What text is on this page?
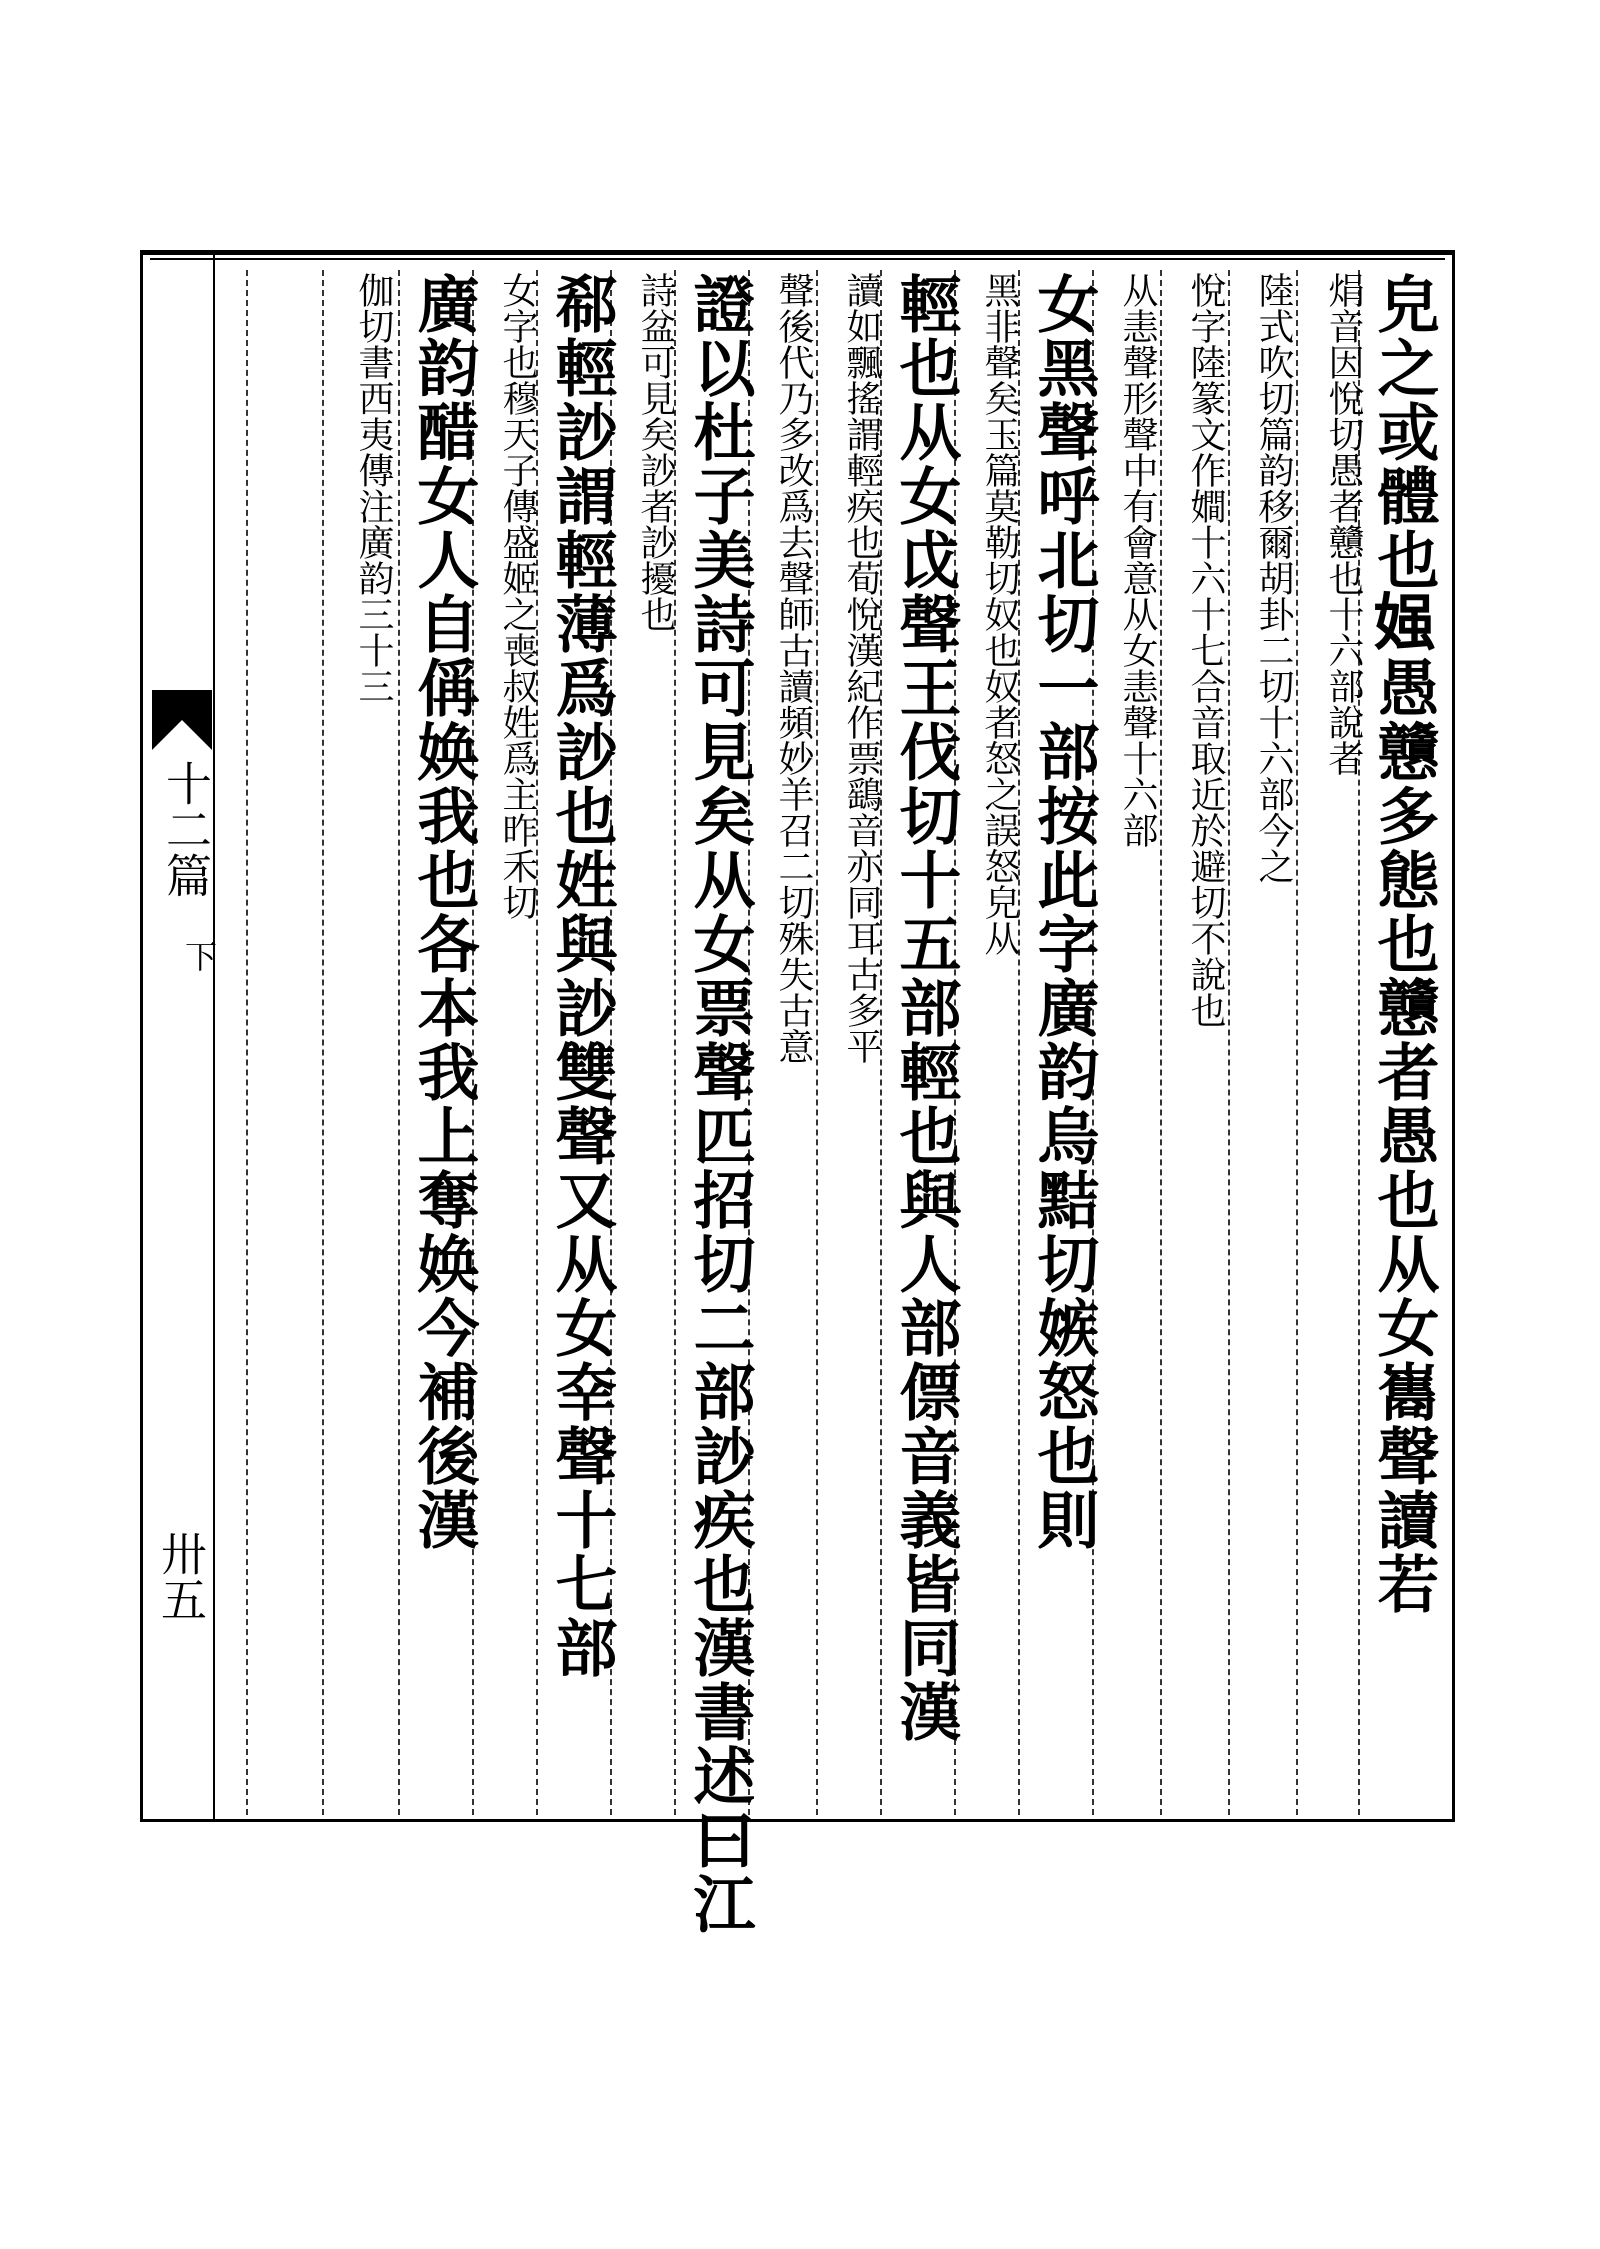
十二篇
下
卅五	皃之或體也𡟎愚戇多態也戇者愚也从女巂聲讀若
焆音因悅切愚者戇也十六部說者
陸式吹切篇韵移爾胡卦二切十六部今之
悅字陸篆文作𡢃十六十七合音取近於避切不說也
从恚聲形聲中有會意从女恚聲十六部
女黑聲呼北切一部按此字廣韵烏黠切嫉怒也則
黑非聲矣玉篇莫勒切奴也奴者怒之誤怒皃从
輕也从女戉聲王伐切十五部輕也與人部僄音義皆同漢
讀如飄搖謂輕疾也荀悅漢紀作票鷂音亦同耳古多平
聲後代乃多改爲去聲師古讀頻妙羊召二切殊失古意
證以杜子美詩可見矣从女票聲匹招切二部訬疾也漢書述曰江
詩盆可見矣訬者訬擾也
郗輕訬謂輕薄爲訬也姓與訬雙聲又从女㚔聲十七部
女字也穆天子傳盛姬之喪叔姓爲主昨禾切
廣韵醋女人自偁㛟我也各本我上奪㛟今補後漢
伽切書西夷傳注廣韵三十三
